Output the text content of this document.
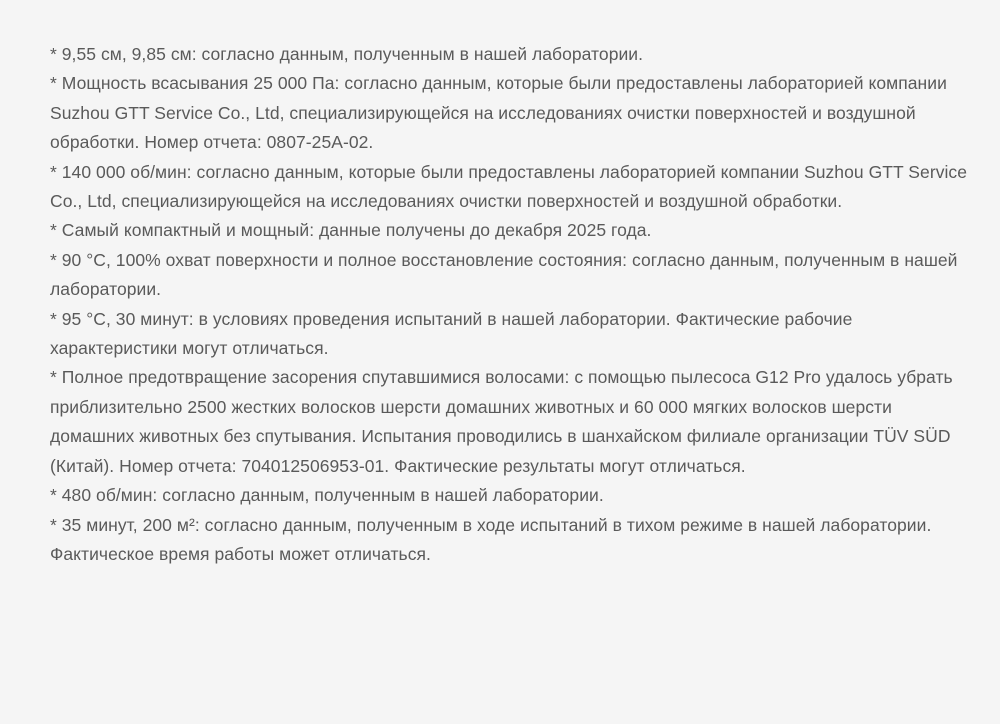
* 9,55 см, 9,85 см: согласно данным, полученным в нашей лаборатории.
* Мощность всасывания 25 000 Па: согласно данным, которые были предоставлены лабораторией компании Suzhou GTT Service Co., Ltd, специализирующейся на исследованиях очистки поверхностей и воздушной обработки. Номер отчета: 0807-25A-02.
* 140 000 об/мин: согласно данным, которые были предоставлены лабораторией компании Suzhou GTT Service Co., Ltd, специализирующейся на исследованиях очистки поверхностей и воздушной обработки.
* Самый компактный и мощный: данные получены до декабря 2025 года.
* 90 °C, 100% охват поверхности и полное восстановление состояния: согласно данным, полученным в нашей лаборатории.
* 95 °C, 30 минут: в условиях проведения испытаний в нашей лаборатории. Фактические рабочие характеристики могут отличаться.
* Полное предотвращение засорения спутавшимися волосами: с помощью пылесоса G12 Pro удалось убрать приблизительно 2500 жестких волосков шерсти домашних животных и 60 000 мягких волосков шерсти домашних животных без спутывания. Испытания проводились в шанхайском филиале организации TÜV SÜD (Китай). Номер отчета: 704012506953-01. Фактические результаты могут отличаться.
* 480 об/мин: согласно данным, полученным в нашей лаборатории.
* 35 минут, 200 м²: согласно данным, полученным в ходе испытаний в тихом режиме в нашей лаборатории. Фактическое время работы может отличаться.
